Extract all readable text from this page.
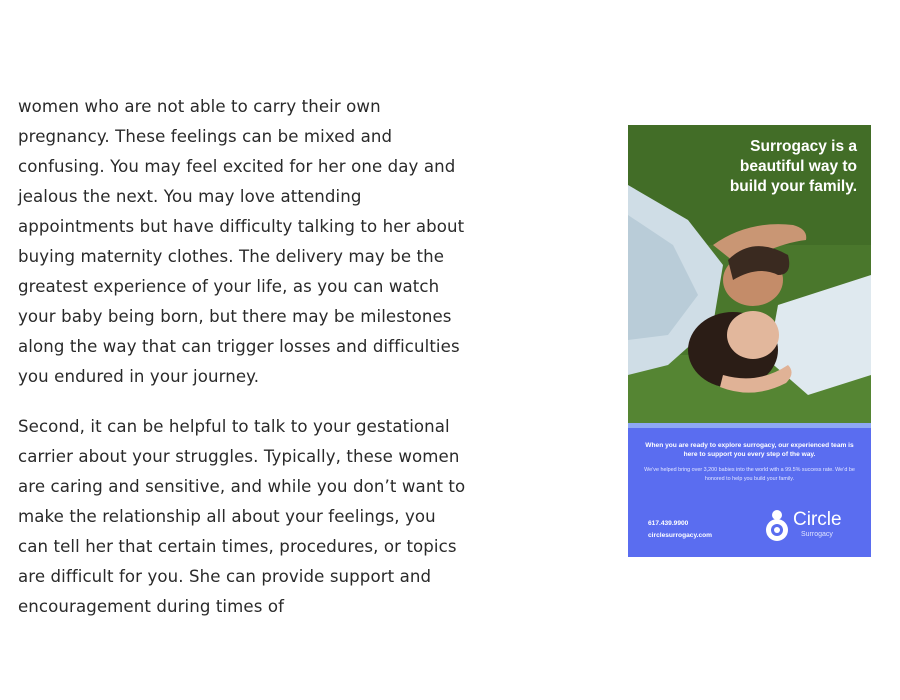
women who are not able to carry their own pregnancy. These feelings can be mixed and confusing. You may feel excited for her one day and jealous the next. You may love attending appointments but have difficulty talking to her about buying maternity clothes. The delivery may be the greatest experience of your life, as you can watch your baby being born, but there may be milestones along the way that can trigger losses and difficulties you endured in your journey.

Second, it can be helpful to talk to your gestational carrier about your struggles. Typically, these women are caring and sensitive, and while you don’t want to make the relationship all about your feelings, you can tell her that certain times, procedures, or topics are difficult for you. She can provide support and encouragement during times of

Surrogacy is a beautiful way to build your family.
When you are ready to explore surrogacy, our experienced team is here to support you every step of the way.
We’ve helped bring over 3,200 babies into the world with a 99.5% success rate. We’d be honored to help you build your family.
617.439.9900
circlesurrogacy.com
Circle
Surrogacy
